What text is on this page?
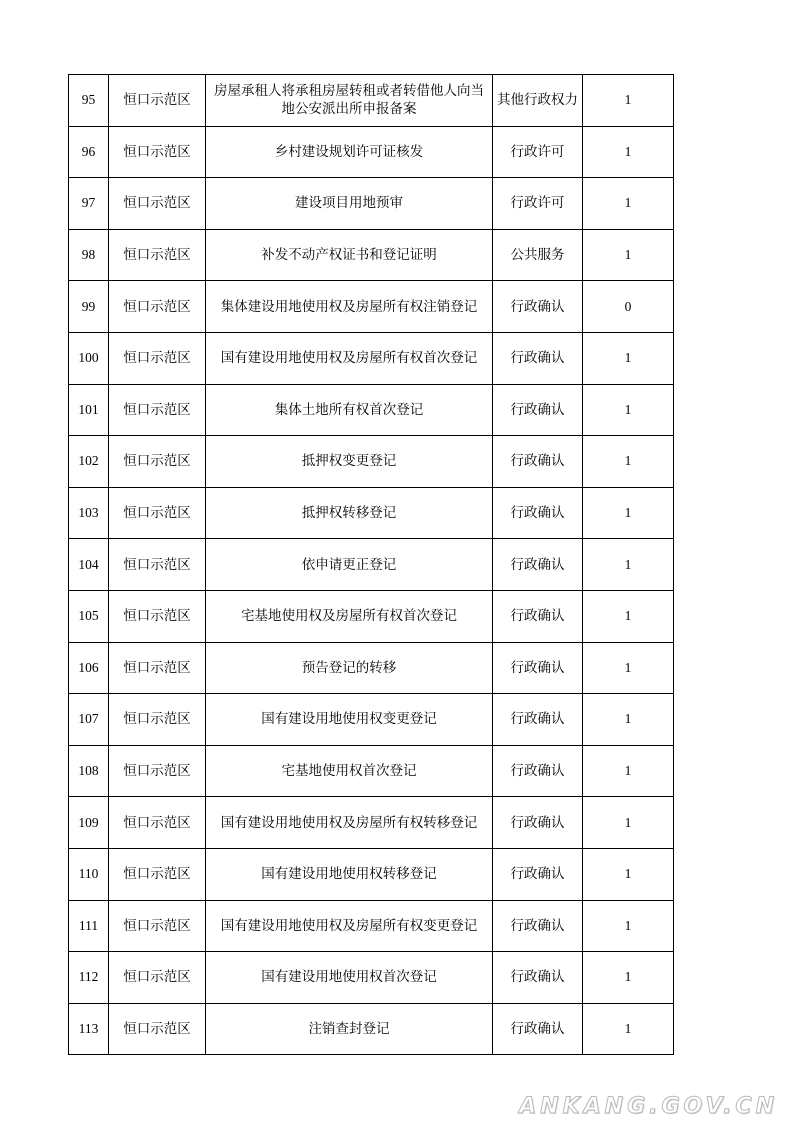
95	恒口示范区	房屋承租人将承租房屋转租或者转借他人向当地公安派出所申报备案	其他行政权力	1
96	恒口示范区	乡村建设规划许可证核发	行政许可	1
97	恒口示范区	建设项目用地预审	行政许可	1
98	恒口示范区	补发不动产权证书和登记证明	公共服务	1
99	恒口示范区	集体建设用地使用权及房屋所有权注销登记	行政确认	0
100	恒口示范区	国有建设用地使用权及房屋所有权首次登记	行政确认	1
101	恒口示范区	集体土地所有权首次登记	行政确认	1
102	恒口示范区	抵押权变更登记	行政确认	1
103	恒口示范区	抵押权转移登记	行政确认	1
104	恒口示范区	依申请更正登记	行政确认	1
105	恒口示范区	宅基地使用权及房屋所有权首次登记	行政确认	1
106	恒口示范区	预告登记的转移	行政确认	1
107	恒口示范区	国有建设用地使用权变更登记	行政确认	1
108	恒口示范区	宅基地使用权首次登记	行政确认	1
109	恒口示范区	国有建设用地使用权及房屋所有权转移登记	行政确认	1
110	恒口示范区	国有建设用地使用权转移登记	行政确认	1
111	恒口示范区	国有建设用地使用权及房屋所有权变更登记	行政确认	1
112	恒口示范区	国有建设用地使用权首次登记	行政确认	1
113	恒口示范区	注销查封登记	行政确认	1
ANKANG.GOV.CN
